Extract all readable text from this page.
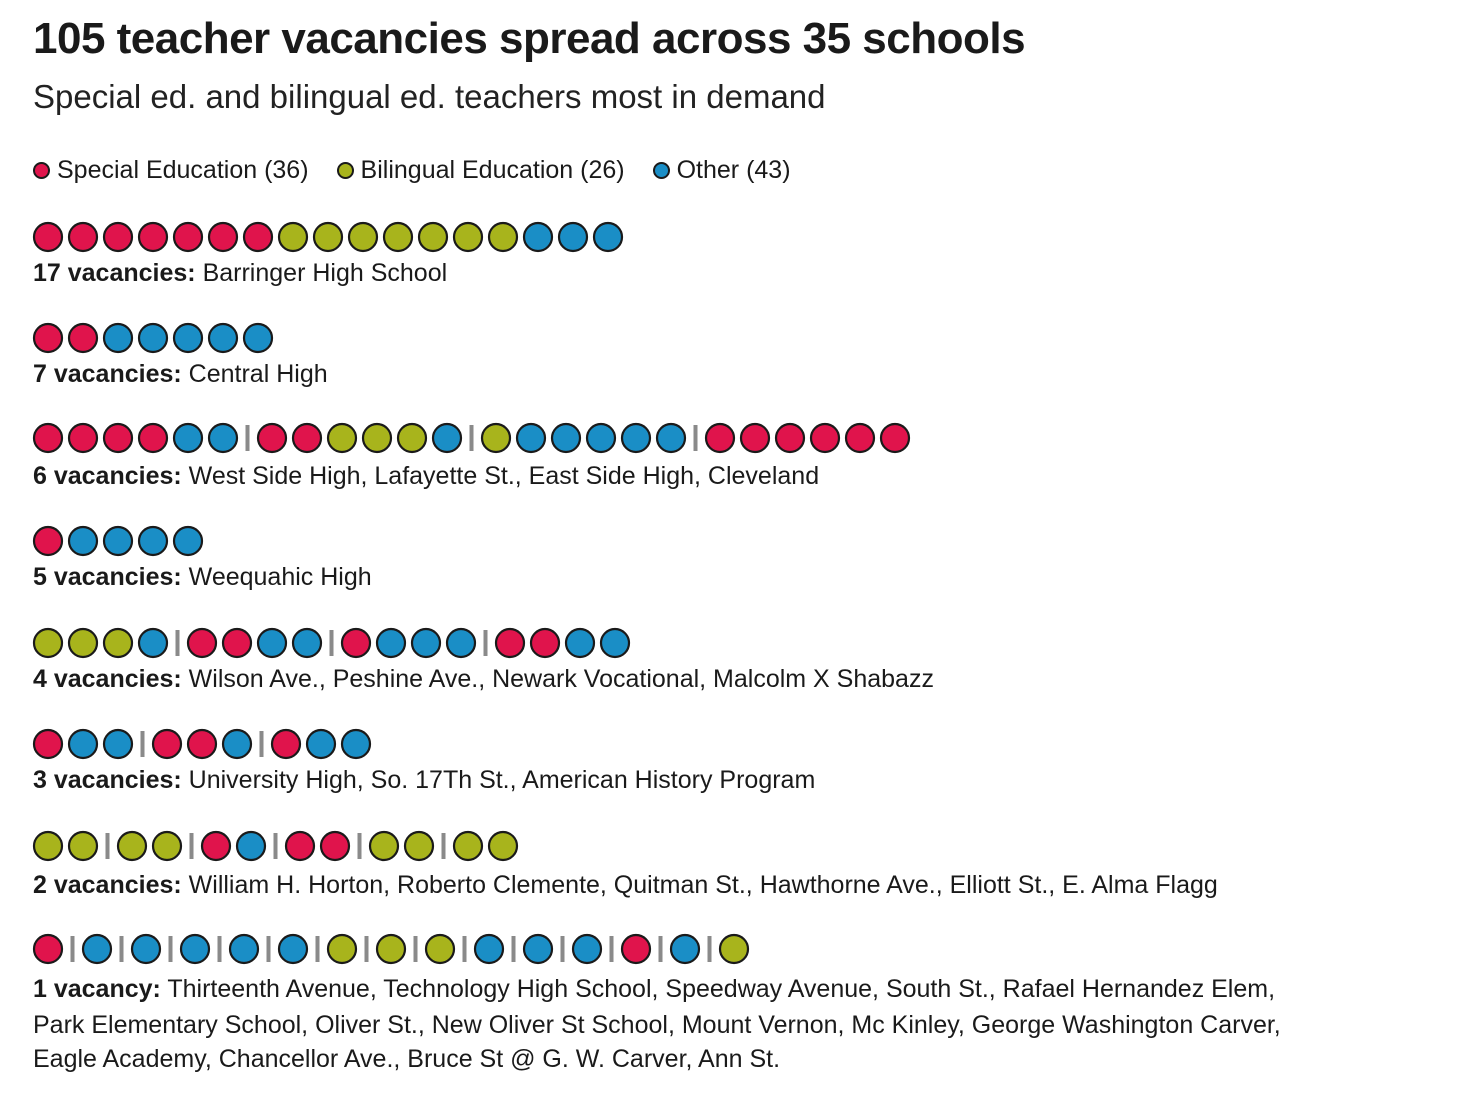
105 teacher vacancies spread across 35 schools
Special ed. and bilingual ed. teachers most in demand
Special Education (36) Bilingual Education (26) Other (43)
17 vacancies: Barringer High School
7 vacancies: Central High
6 vacancies: West Side High, Lafayette St., East Side High, Cleveland
5 vacancies: Weequahic High
4 vacancies: Wilson Ave., Peshine Ave., Newark Vocational, Malcolm X Shabazz
3 vacancies: University High, So. 17Th St., American History Program
2 vacancies: William H. Horton, Roberto Clemente, Quitman St., Hawthorne Ave., Elliott St., E. Alma Flagg
1 vacancy: Thirteenth Avenue, Technology High School, Speedway Avenue, South St., Rafael Hernandez Elem,
Park Elementary School, Oliver St., New Oliver St School, Mount Vernon, Mc Kinley, George Washington Carver,
Eagle Academy, Chancellor Ave., Bruce St @ G. W. Carver, Ann St.
